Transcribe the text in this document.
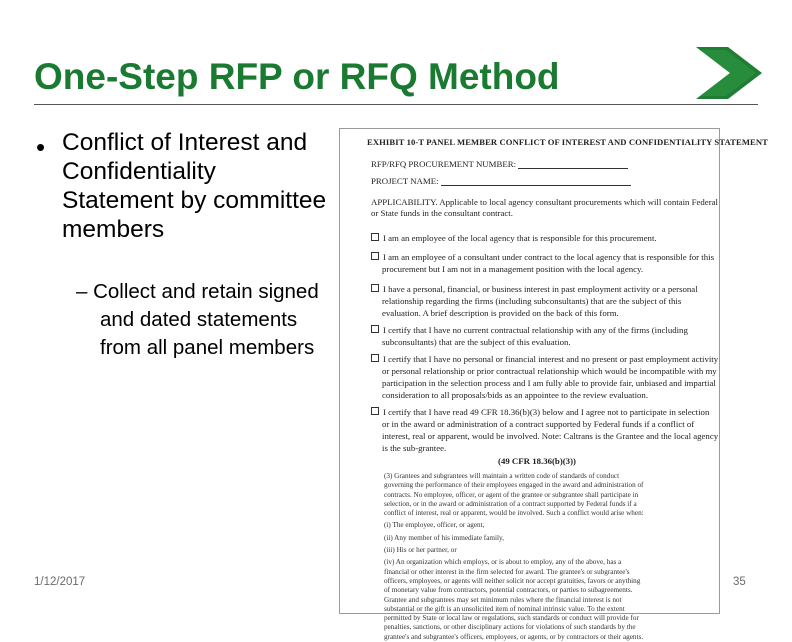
One-Step RFP or RFQ Method
• Conflict of Interest and Confidentiality Statement by committee members
– Collect and retain signed and dated statements from all panel members
EXHIBIT 10-T PANEL MEMBER CONFLICT OF INTEREST AND CONFIDENTIALITY STATEMENT
RFP/RFQ PROCUREMENT NUMBER:
PROJECT NAME:
APPLICABILITY. Applicable to local agency consultant procurements which will contain Federal
or State funds in the consultant contract.
I am an employee of the local agency that is responsible for this procurement.
I am an employee of a consultant under contract to the local agency that is responsible for this
procurement but I am not in a management position with the local agency.
I have a personal, financial, or business interest in past employment activity or a personal
relationship regarding the firms (including subconsultants) that are the subject of this
evaluation. A brief description is provided on the back of this form.
I certify that I have no current contractual relationship with any of the firms (including
subconsultants) that are the subject of this evaluation.
I certify that I have no personal or financial interest and no present or past employment activity
or personal relationship or prior contractual relationship which would be incompatible with my
participation in the selection process and I am fully able to provide fair, unbiased and impartial
consideration to all proposals/bids as an appointee to the review evaluation.
I certify that I have read 49 CFR 18.36(b)(3) below and I agree not to participate in selection
or in the award or administration of a contract supported by Federal funds if a conflict of
interest, real or apparent, would be involved. Note: Caltrans is the Grantee and the local agency
is the sub-grantee.
(49 CFR 18.36(b)(3))
(3) Grantees and subgrantees will maintain a written code of standards of conduct
governing the performance of their employees engaged in the award and administration of
contracts. No employee, officer, or agent of the grantee or subgrantee shall participate in
selection, or in the award or administration of a contract supported by Federal funds if a
conflict of interest, real or apparent, would be involved. Such a conflict would arise when:
(i) The employee, officer, or agent,
(ii) Any member of his immediate family,
(iii) His or her partner, or
(iv) An organization which employs, or is about to employ, any of the above, has a
financial or other interest in the firm selected for award. The grantee's or subgrantee's
officers, employees, or agents will neither solicit nor accept gratuities, favors or anything
of monetary value from contractors, potential contractors, or parties to subagreements.
Grantee and subgrantees may set minimum rules where the financial interest is not
substantial or the gift is an unsolicited item of nominal intrinsic value. To the extent
permitted by State or local law or regulations, such standards or conduct will provide for
penalties, sanctions, or other disciplinary actions for violations of such standards by the
grantee's and subgrantee's officers, employees, or agents, or by contractors or their agents.
1/12/2017	35
